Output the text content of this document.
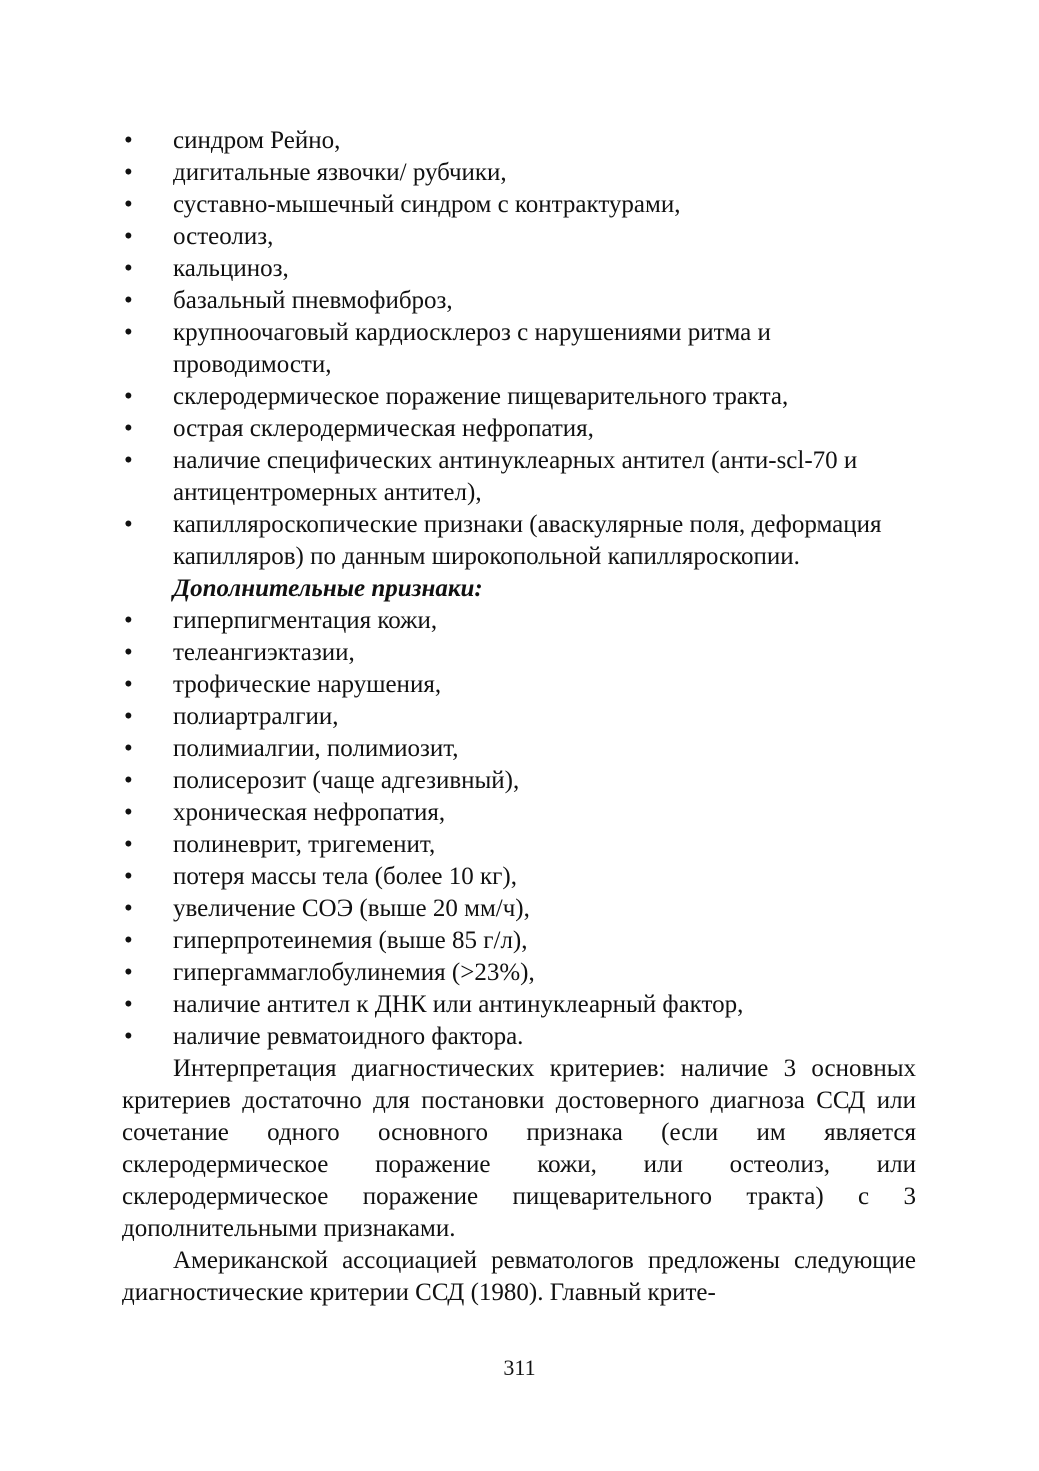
•	синдром Рейно,
•	дигитальные язвочки/ рубчики,
•	суставно-мышечный синдром с контрактурами,
•	остеолиз,
•	кальциноз,
•	базальный пневмофиброз,
•	крупноочаговый кардиосклероз с нарушениями ритма и проводимости,
•	склеродермическое поражение пищеварительного тракта,
•	острая склеродермическая нефропатия,
•	наличие специфических антинуклеарных антител (анти-scl-70 и антицентромерных антител),
•	капилляроскопические признаки (аваскулярные поля, деформация капилляров) по данным широкопольной капилляроскопии.
Дополнительные признаки:
•	гиперпигментация кожи,
•	телеангиэктазии,
•	трофические нарушения,
•	полиартралгии,
•	полимиалгии, полимиозит,
•	полисерозит (чаще адгезивный),
•	хроническая нефропатия,
•	полиневрит, тригеменит,
•	потеря массы тела (более 10 кг),
•	увеличение СОЭ (выше 20 мм/ч),
•	гиперпротеинемия (выше 85 г/л),
•	гипергаммаглобулинемия (>23%),
•	наличие антител к ДНК или антинуклеарный фактор,
•	наличие ревматоидного фактора.

Интерпретация диагностических критериев: наличие 3 основных критериев достаточно для постановки достоверного диагноза ССД или сочетание одного основного признака (если им является склеродермическое поражение кожи, или остеолиз, или склеродермическое поражение пищеварительного тракта) с 3 дополнительными признаками.

Американской ассоциацией ревматологов предложены следующие диагностические критерии ССД (1980). Главный крите-

311
